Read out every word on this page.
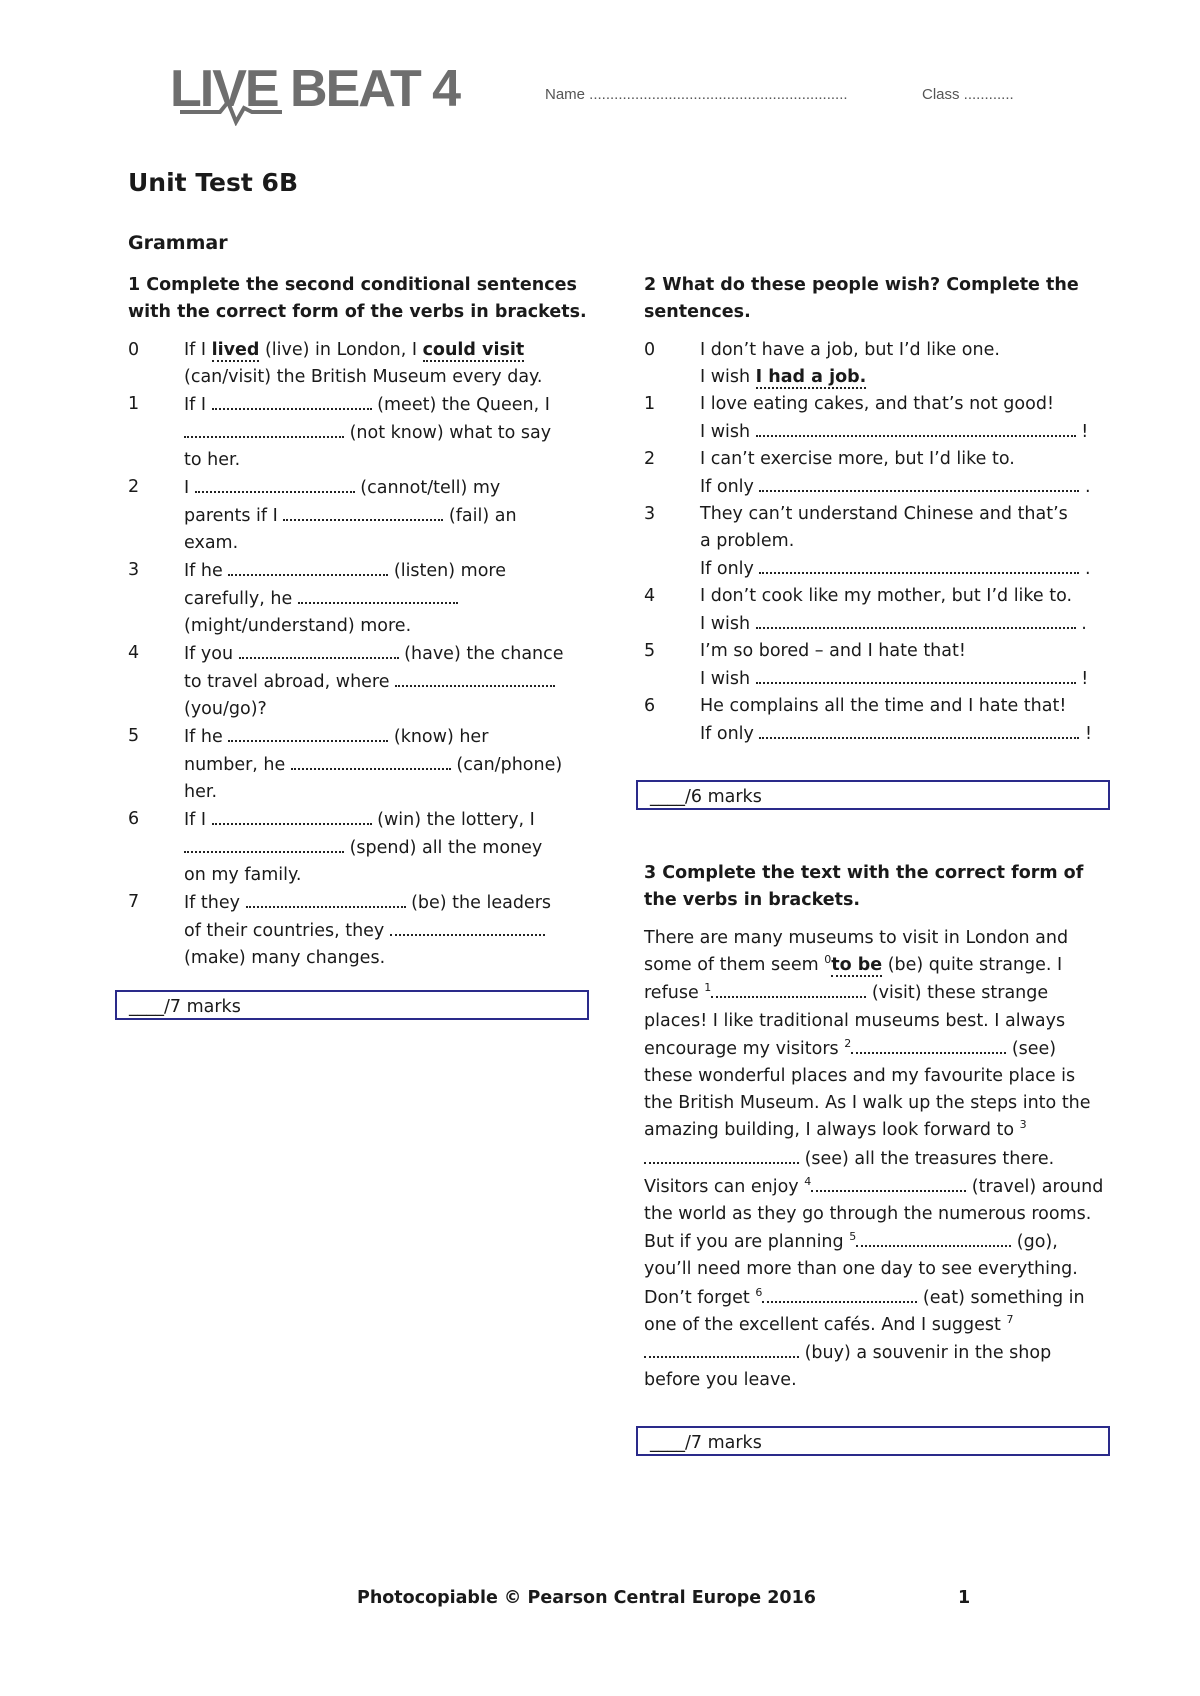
LIVE BEAT 4	Name ..............................................................	Class ............
Unit Test 6B
Grammar

1 Complete the second conditional sentences with the correct form of the verbs in brackets.

0	If I lived (live) in London, I could visit
(can/visit) the British Museum every day.
1	If I	(meet) the Queen, I
(not know) what to say
to her.
2	I	(cannot/tell) my
parents if I	(fail) an
exam.
3	If he	(listen) more
carefully, he
(might/understand) more.
4	If you	(have) the chance
to travel abroad, where
(you/go)?
5	If he	(know) her
number, he	(can/phone)
her.
6	If I	(win) the lottery, I
(spend) all the money
on my family.
7	If they	(be) the leaders
of their countries, they
(make) many changes.
____/7 marks

2 What do these people wish? Complete the sentences.

0	I don’t have a job, but I’d like one.
I wish I had a job.
1	I love eating cakes, and that’s not good!
I wish	!
2	I can’t exercise more, but I’d like to.
If only	.
3	They can’t understand Chinese and that’s
a problem.
If only	.
4	I don’t cook like my mother, but I’d like to.
I wish	.
5	I’m so bored – and I hate that!
I wish	!
6	He complains all the time and I hate that!
If only	!
____/6 marks

3 Complete the text with the correct form of the verbs in brackets.

There are many museums to visit in London and some of them seem $^0$to be (be) quite strange. I refuse $^1$	(visit) these strange places! I like traditional museums best. I always encourage my visitors $^2$	(see) these wonderful places and my favourite place is the British Museum. As I walk up the steps into the amazing building, I always look forward to $^3$ (see) all the treasures there. Visitors can enjoy $^4$	(travel) around the world as they go through the numerous rooms. But if you are planning $^5$	(go), you’ll need more than one day to see everything. Don’t forget $^6$	(eat) something in one of the excellent cafés. And I suggest $^7$ (buy) a souvenir in the shop before you leave.
____/7 marks
Photocopiable © Pearson Central Europe 2016	1
